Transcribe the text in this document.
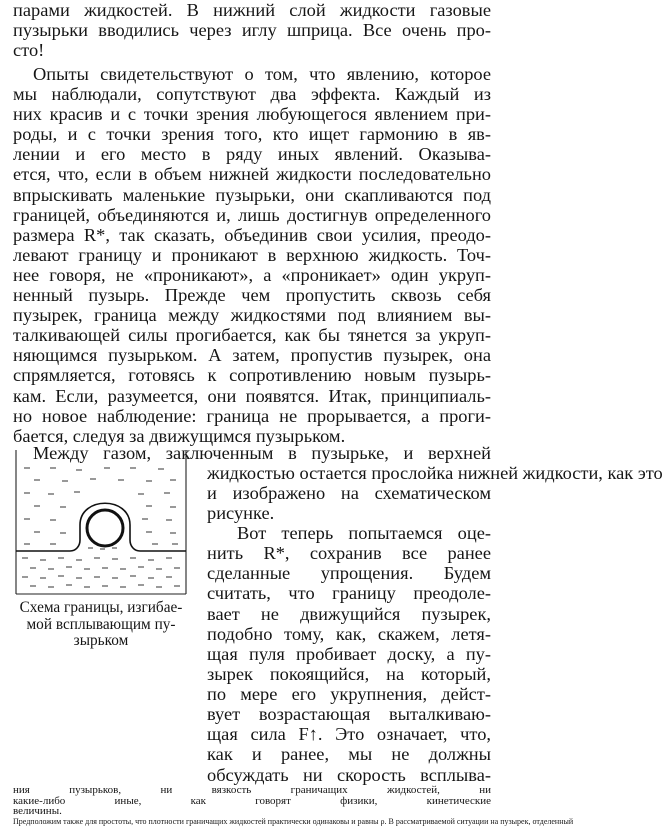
парами жидкостей. В нижний слой жидкости газовые
пузырьки вводились через иглу шприца. Все очень про-
сто!
Опыты свидетельствуют о том, что явлению, которое
мы наблюдали, сопутствуют два эффекта. Каждый из
них красив и с точки зрения любующегося явлением при-
роды, и с точки зрения того, кто ищет гармонию в яв-
лении и его место в ряду иных явлений. Оказыва-
ется, что, если в объем нижней жидкости последовательно
впрыскивать маленькие пузырьки, они скапливаются под
границей, объединяются и, лишь достигнув определенного
размера R*, так сказать, объединив свои усилия, преодо-
левают границу и проникают в верхнюю жидкость. Точ-
нее говоря, не «проникают», а «проникает» один укруп-
ненный пузырь. Прежде чем пропустить сквозь себя
пузырек, граница между жидкостями под влиянием вы-
талкивающей силы прогибается, как бы тянется за укруп-
няющимся пузырьком. А затем, пропустив пузырек, она
спрямляется, готовясь к сопротивлению новым пузырь-
кам. Если, разумеется, они появятся. Итак, принципиаль-
но новое наблюдение: граница не прорывается, а проги-
бается, следуя за движущимся пузырьком.
Между газом, заключенным в пузырьке, и верхней
жидкостью остается прослойка нижней жидкости, как это
и изображено на схематическом
рисунке.
Вот теперь попытаемся оце-
нить R*, сохранив все ранее
сделанные упрощения. Будем
считать, что границу преодоле-
вает не движущийся пузырек,
подобно тому, как, скажем, летя-
щая пуля пробивает доску, а пу-
зырек покоящийся, на который,
по мере его укрупнения, дейст-
вует возрастающая выталкиваю-
щая сила F↑. Это означает, что,
как и ранее, мы не должны
Схема границы, изгибае-
мой всплывающим пу-
зырьком
обсуждать ни скорость всплыва-
ния пузырьков, ни вязкость граничащих жидкостей, ни
какие-либо иные, как говорят физики, кинетические
величины.
Предположим также для простоты, что плотности граничащих жидкостей практически одинаковы и равны ρ. В рассматриваемой ситуации на пузырек, отделенный
